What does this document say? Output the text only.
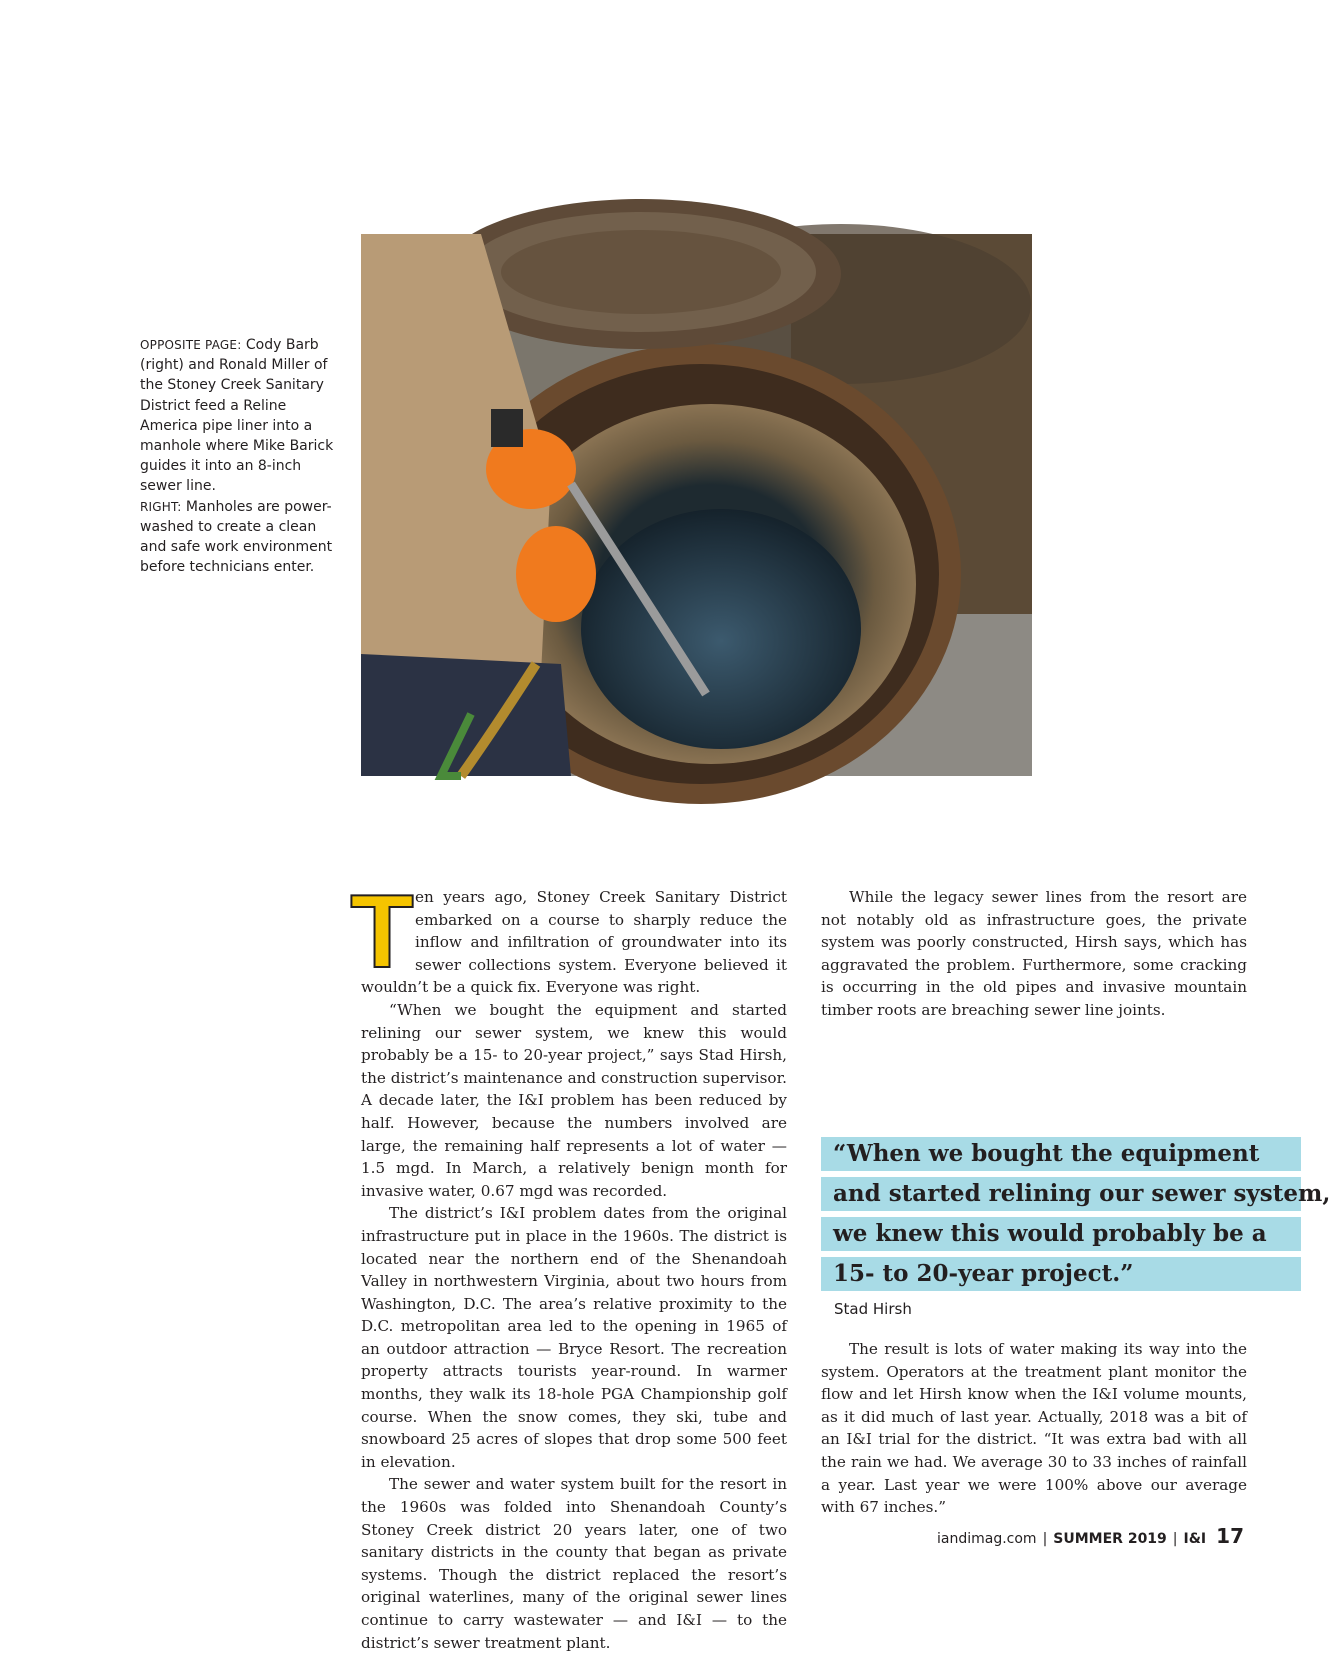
OPPOSITE PAGE: Cody Barb (right) and Ronald Miller of the Stoney Creek Sanitary District feed a Reline America pipe liner into a manhole where Mike Barick guides it into an 8-inch sewer line.
RIGHT: Manholes are power-washed to create a clean and safe work environment before technicians enter.

T en years ago, Stoney Creek Sanitary District embarked on a course to sharply reduce the inflow and infiltration of groundwater into its sewer collections system. Everyone believed it wouldn’t be a quick fix. Everyone was right.

“When we bought the equipment and started relining our sewer system, we knew this would probably be a 15- to 20-year project,” says Stad Hirsh, the district’s maintenance and construction supervisor. A decade later, the I&I problem has been reduced by half. However, because the numbers involved are large, the remaining half represents a lot of water — 1.5 mgd. In March, a relatively benign month for invasive water, 0.67 mgd was recorded.

The district’s I&I problem dates from the original infrastructure put in place in the 1960s. The district is located near the northern end of the Shenandoah Valley in northwestern Virginia, about two hours from Washington, D.C. The area’s relative proximity to the D.C. metropolitan area led to the opening in 1965 of an outdoor attraction — Bryce Resort. The recreation property attracts tourists year-round. In warmer months, they walk its 18-hole PGA Championship golf course. When the snow comes, they ski, tube and snowboard 25 acres of slopes that drop some 500 feet in elevation.

The sewer and water system built for the resort in the 1960s was folded into Shenandoah County’s Stoney Creek district 20 years later, one of two sanitary districts in the county that began as private systems. Though the district replaced the resort’s original waterlines, many of the original sewer lines continue to carry wastewater — and I&I — to the district’s sewer treatment plant.

While the legacy sewer lines from the resort are not notably old as infrastructure goes, the private system was poorly constructed, Hirsh says, which has aggravated the problem. Furthermore, some cracking is occurring in the old pipes and invasive mountain timber roots are breaching sewer line joints.

“When we bought the equipment
and started relining our sewer system,
we knew this would probably be a
15- to 20-year project.”
Stad Hirsh

The result is lots of water making its way into the system. Operators at the treatment plant monitor the flow and let Hirsh know when the I&I volume mounts, as it did much of last year. Actually, 2018 was a bit of an I&I trial for the district. “It was extra bad with all the rain we had. We average 30 to 33 inches of rainfall a year. Last year we were 100% above our average with 67 inches.”

iandimag.com | SUMMER 2019 | I&I 17
